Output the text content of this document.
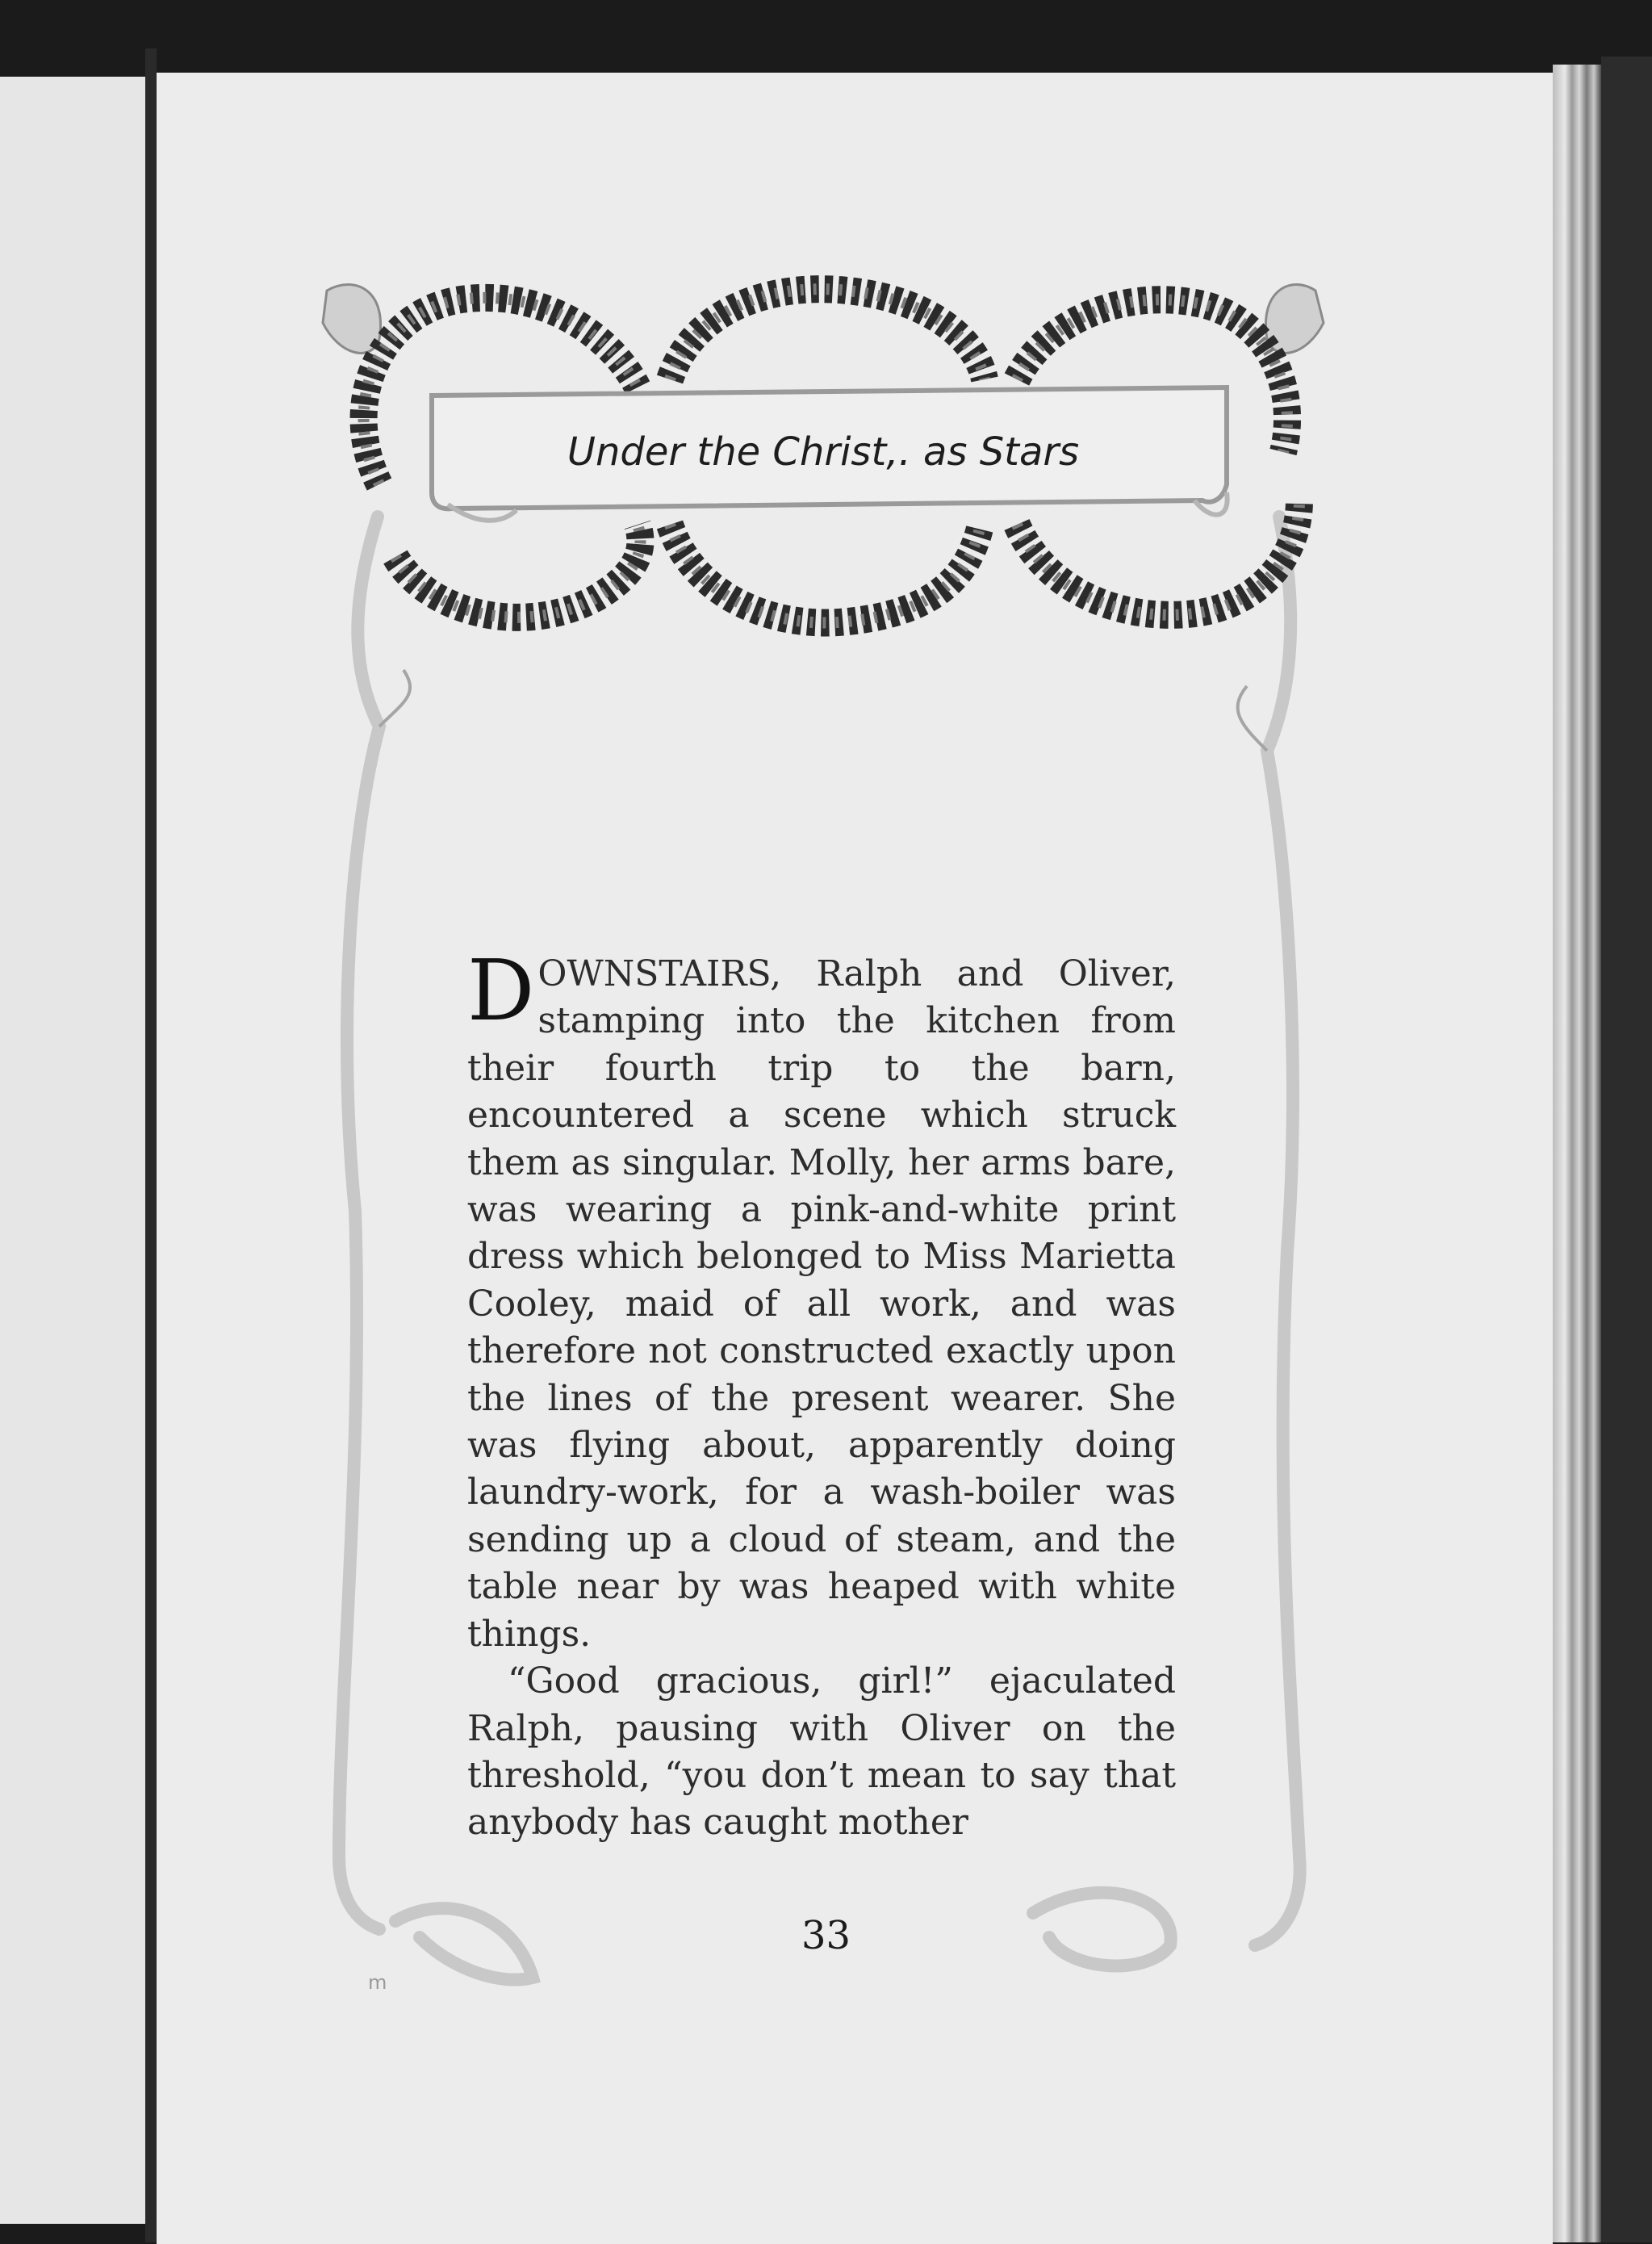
Under the Christ,. as Stars

DOWNSTAIRS, Ralph and Oliver, stamping into the kitchen from their fourth trip to the barn, encountered a scene which struck them as singular. Molly, her arms bare, was wearing a pink-and-white print dress which belonged to Miss Marietta Cooley, maid of all work, and was therefore not constructed exactly upon the lines of the present wearer. She was flying about, apparently doing laundry-work, for a wash-boiler was sending up a cloud of steam, and the table near by was heaped with white things.

“Good gracious, girl!” ejaculated Ralph, pausing with Oliver on the threshold, “you don’t mean to say that anybody has caught mother

33
m
